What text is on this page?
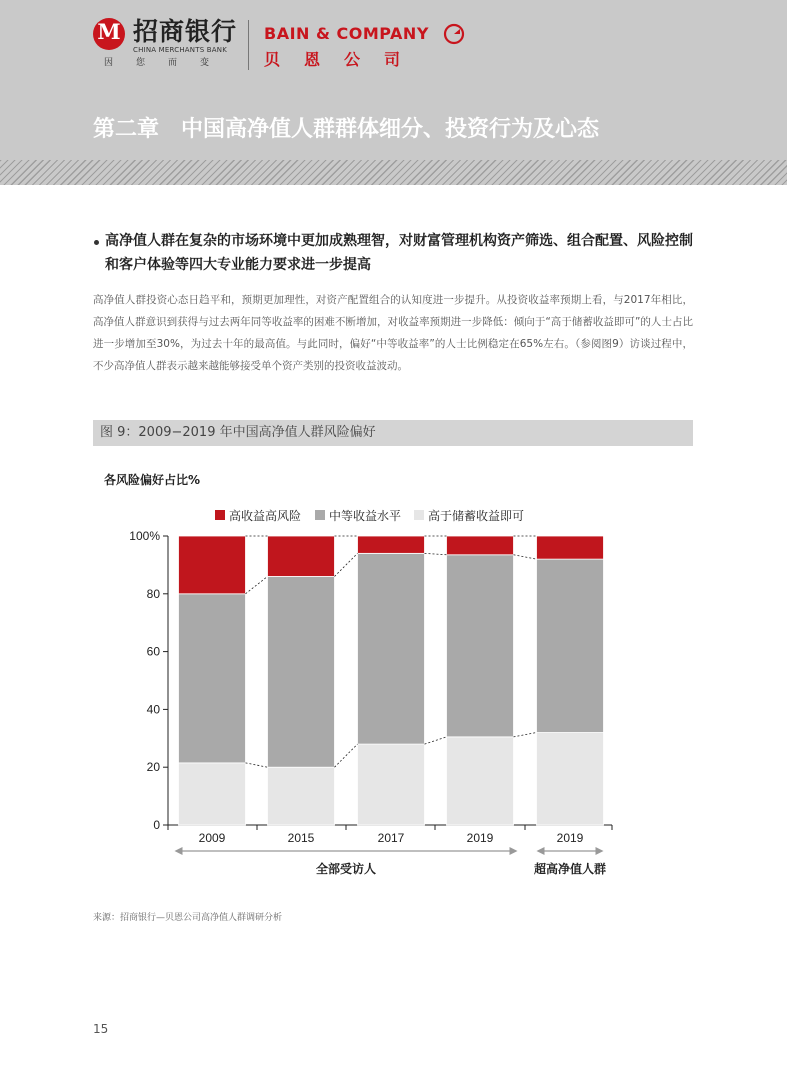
M 招商银行
CHINA MERCHANTS BANK
因您而变
BAIN & COMPANY
贝恩公司
第二章　中国高净值人群群体细分、投资行为及心态
高净值人群在复杂的市场环境中更加成熟理智，对财富管理机构资产筛选、组合配置、风险控制和客户体验等四大专业能力要求进一步提高
高净值人群投资心态日趋平和，预期更加理性，对资产配置组合的认知度进一步提升。从投资收益率预期上看，与2017年相比，高净值人群意识到获得与过去两年同等收益率的困难不断增加，对收益率预期进一步降低：倾向于“高于储蓄收益即可”的人士占比进一步增加至30%，为过去十年的最高值。与此同时，偏好“中等收益率”的人士比例稳定在65%左右。（参阅图9）访谈过程中，不少高净值人群表示越来越能够接受单个资产类别的投资收益波动。
图 9：2009−2019 年中国高净值人群风险偏好
各风险偏好占比%
0
20
40
60
80
100%
2009	2015	2017	2019	2019
高收益高风险 中等收益水平 高于储蓄收益即可
全部受访人	超高净值人群
来源：招商银行—贝恩公司高净值人群调研分析
15
